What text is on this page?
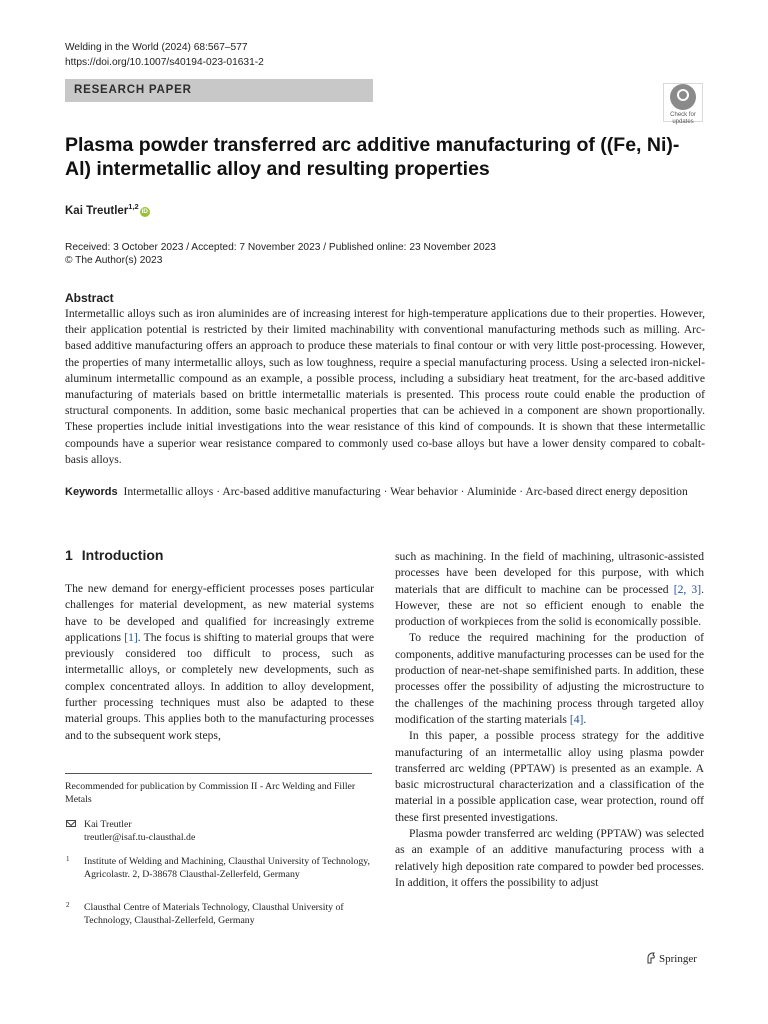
Welding in the World (2024) 68:567–577
https://doi.org/10.1007/s40194-023-01631-2
RESEARCH PAPER
Check for updates
Plasma powder transferred arc additive manufacturing of ((Fe, Ni)-Al) intermetallic alloy and resulting properties
Kai Treutler$^{1,2}$iD
Received: 3 October 2023 / Accepted: 7 November 2023 / Published online: 23 November 2023
© The Author(s) 2023
Abstract
Intermetallic alloys such as iron aluminides are of increasing interest for high-temperature applications due to their properties. However, their application potential is restricted by their limited machinability with conventional manufacturing methods such as milling. Arc-based additive manufacturing offers an approach to produce these materials to final contour or with very little post-processing. However, the properties of many intermetallic alloys, such as low toughness, require a special manufacturing process. Using a selected iron-nickel-aluminum intermetallic compound as an example, a possible process, including a subsidiary heat treatment, for the arc-based additive manufacturing of materials based on brittle intermetallic materials is presented. This process route could enable the production of structural components. In addition, some basic mechanical properties that can be achieved in a component are shown proportionally. These properties include initial investigations into the wear resistance of this kind of compounds. It is shown that these intermetallic compounds have a superior wear resistance compared to commonly used co-base alloys but have a lower density compared to cobalt-basis alloys.
Keywords Intermetallic alloys · Arc-based additive manufacturing · Wear behavior · Aluminide · Arc-based direct energy deposition
1 Introduction

The new demand for energy-efficient processes poses particular challenges for material development, as new material systems have to be developed and qualified for increasingly extreme applications [1]. The focus is shifting to material groups that were previously considered too difficult to process, such as intermetallic alloys, or completely new developments, such as complex concentrated alloys. In addition to alloy development, further processing techniques must also be adapted to these material groups. This applies both to the manufacturing processes and to the subsequent work steps,

such as machining. In the field of machining, ultrasonic-assisted processes have been developed for this purpose, with which materials that are difficult to machine can be processed [2, 3]. However, these are not so efficient enough to enable the production of workpieces from the solid is economically possible.

To reduce the required machining for the production of components, additive manufacturing processes can be used for the production of near-net-shape semifinished parts. In addition, these processes offer the possibility of adjusting the microstructure to the challenges of the machining process through targeted alloy modification of the starting materials [4].

In this paper, a possible process strategy for the additive manufacturing of an intermetallic alloy using plasma powder transferred arc welding (PPTAW) is presented as an example. A basic microstructural characterization and a classification of the material in a possible application case, wear protection, round off these first presented investigations.

Plasma powder transferred arc welding (PPTAW) was selected as an example of an additive manufacturing process with a relatively high deposition rate compared to powder bed processes. In addition, it offers the possibility to adjust

Recommended for publication by Commission II - Arc Welding and Filler Metals
Kai Treutler
treutler@isaf.tu-clausthal.de
1 Institute of Welding and Machining, Clausthal University of Technology, Agricolastr. 2, D-38678 Clausthal-Zellerfeld, Germany
2 Clausthal Centre of Materials Technology, Clausthal University of Technology, Clausthal-Zellerfeld, Germany
Springer
